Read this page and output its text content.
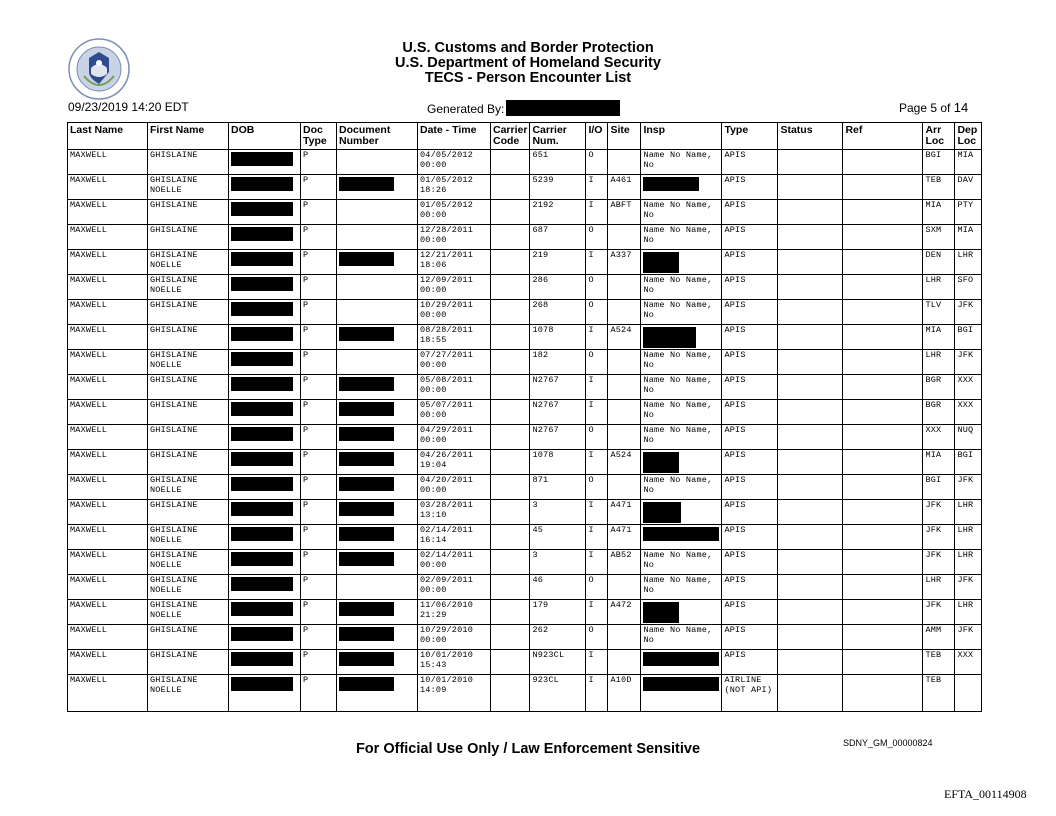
U.S. Customs and Border Protection
U.S. Department of Homeland Security
TECS - Person Encounter List
09/23/2019 14:20 EDT	Generated By:	Page 5 of 14
Last Name	First Name	DOB	Doc Type	Document Number	Date - Time	Carrier Code	Carrier Num.	I/O	Site	Insp	Type	Status	Ref	Arr Loc	Dep Loc
MAXWELL	GHISLAINE		P		04/05/2012 00:00		651	O		Name No Name, No	APIS			BGI	MIA
MAXWELL	GHISLAINE NOELLE		P		01/05/2012 18:26		5239	I	A461		APIS			TEB	DAV
MAXWELL	GHISLAINE		P		01/05/2012 00:00		2192	I	ABFT	Name No Name, No	APIS			MIA	PTY
MAXWELL	GHISLAINE		P		12/28/2011 00:00		687	O		Name No Name, No	APIS			SXM	MIA
MAXWELL	GHISLAINE NOELLE		P		12/21/2011 18:06		219	I	A337		APIS			DEN	LHR
MAXWELL	GHISLAINE NOELLE		P		12/09/2011 00:00		286	O		Name No Name, No	APIS			LHR	SFO
MAXWELL	GHISLAINE		P		10/29/2011 00:00		268	O		Name No Name, No	APIS			TLV	JFK
MAXWELL	GHISLAINE		P		08/28/2011 18:55		1078	I	A524		APIS			MIA	BGI
MAXWELL	GHISLAINE NOELLE		P		07/27/2011 00:00		182	O		Name No Name, No	APIS			LHR	JFK
MAXWELL	GHISLAINE		P		05/08/2011 00:00		N2767	I		Name No Name, No	APIS			BGR	XXX
MAXWELL	GHISLAINE		P		05/07/2011 00:00		N2767	I		Name No Name, No	APIS			BGR	XXX
MAXWELL	GHISLAINE		P		04/29/2011 00:00		N2767	O		Name No Name, No	APIS			XXX	NUQ
MAXWELL	GHISLAINE		P		04/26/2011 19:04		1078	I	A524		APIS			MIA	BGI
MAXWELL	GHISLAINE NOELLE		P		04/20/2011 00:00		871	O		Name No Name, No	APIS			BGI	JFK
MAXWELL	GHISLAINE		P		03/28/2011 13:10		3	I	A471		APIS			JFK	LHR
MAXWELL	GHISLAINE NOELLE		P		02/14/2011 16:14		45	I	A471		APIS			JFK	LHR
MAXWELL	GHISLAINE NOELLE		P		02/14/2011 00:00		3	I	AB52	Name No Name, No	APIS			JFK	LHR
MAXWELL	GHISLAINE NOELLE		P		02/09/2011 00:00		46	O		Name No Name, No	APIS			LHR	JFK
MAXWELL	GHISLAINE NOELLE		P		11/06/2010 21:29		179	I	A472		APIS			JFK	LHR
MAXWELL	GHISLAINE		P		10/29/2010 00:00		262	O		Name No Name, No	APIS			AMM	JFK
MAXWELL	GHISLAINE		P		10/01/2010 15:43		N923CL	I			APIS			TEB	XXX
MAXWELL	GHISLAINE NOELLE		P		10/01/2010 14:09		923CL	I	A10D		AIRLINE (NOT API)			TEB	
For Official Use Only / Law Enforcement Sensitive	SDNY_GM_00000824
EFTA_00114908
